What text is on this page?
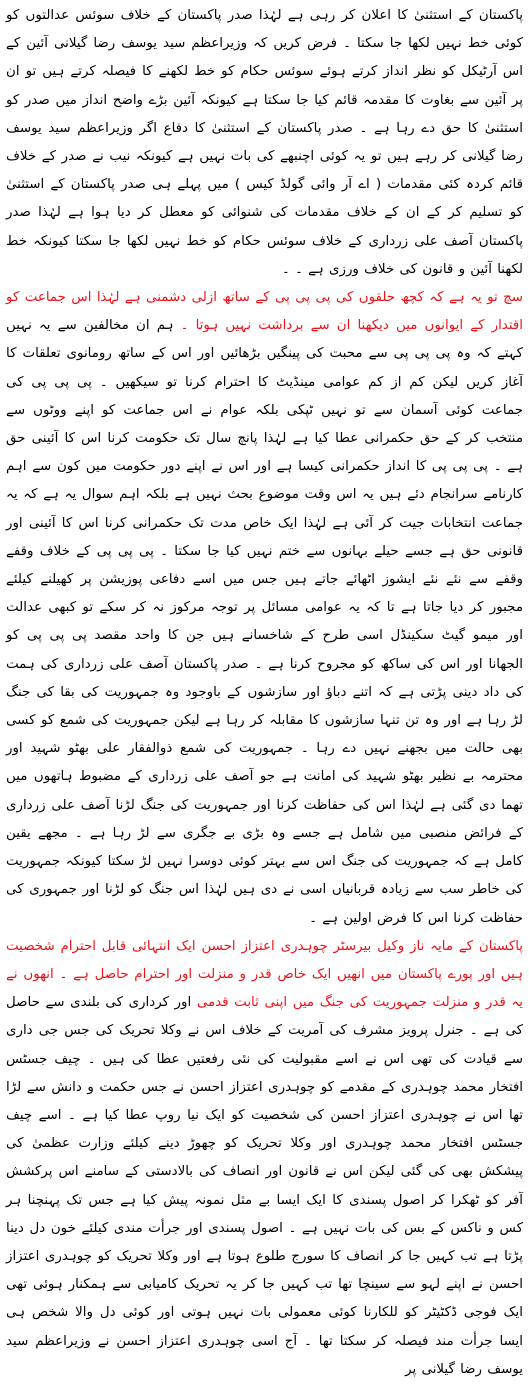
پاکستان کے استثنیٰ کا اعلان کر رہی ہے لہٰذا صدر پاکستان کے خلاف سوئس عدالتوں کو کوئی خط نہیں لکھا جا سکتا ۔ فرض کریں کہ وزیراعظم سید یوسف رضا گیلانی آئین کے اس آرٹیکل کو نظر انداز کرتے ہوئے سوئس حکام کو خط لکھنے کا فیصلہ کرتے ہیں تو ان پر آئین سے بغاوت کا مقدمہ قائم کیا جا سکتا ہے کیونکہ آئین بڑے واضح انداز میں صدر کو استثنیٰ کا حق دے رہا ہے ۔ صدر پاکستان کے استثنیٰ کا دفاع اگر وزیراعظم سید یوسف رضا گیلانی کر رہے ہیں تو یہ کوئی اچنبھے کی بات نہیں ہے کیونکہ نیب نے صدر کے خلاف قائم کردہ کئی مقدمات ( اے آر وائی گولڈ کیس ) میں پہلے ہی صدر پاکستان کے استثنیٰ کو تسلیم کر کے ان کے خلاف مقدمات کی شنوائی کو معطل کر دیا ہوا ہے لہٰذا صدر پاکستان آصف علی زرداری کے خلاف سوئس حکام کو خط نہیں لکھا جا سکتا کیونکہ خط لکھنا آئین و قانون کی خلاف ورزی ہے ۔ ۔

سچ تو یہ ہے کہ کچھ حلقوں کی پی پی پی کے ساتھ ازلی دشمنی ہے لہٰذا اس جماعت کو اقتدار کے ایوانوں میں دیکھنا ان سے برداشت نہیں ہوتا ۔ ہم ان مخالفین سے یہ نہیں کہتے کہ وہ پی پی پی سے محبت کی پینگیں بڑھائیں اور اس کے ساتھ رومانوی تعلقات کا آغاز کریں لیکن کم از کم عوامی مینڈیٹ کا احترام کرنا تو سیکھیں ۔ پی پی پی کی جماعت کوئی آسمان سے تو نہیں ٹپکی بلکہ عوام نے اس جماعت کو اپنے ووٹوں سے منتخب کر کے حق حکمرانی عطا کیا ہے لہٰذا پانچ سال تک حکومت کرنا اس کا آئینی حق ہے ۔ پی پی پی کا انداز حکمرانی کیسا ہے اور اس نے اپنے دور حکومت میں کون سے اہم کارنامے سرانجام دئے ہیں یہ اس وقت موضوع بحث نہیں ہے بلکہ اہم سوال یہ ہے کہ یہ جماعت انتخابات جیت کر آئی ہے لہٰذا ایک خاص مدت تک حکمرانی کرنا اس کا آئینی اور قانونی حق ہے جسے حیلے بہانوں سے ختم نہیں کیا جا سکتا ۔ پی پی پی کے خلاف وقفے وقفے سے نئے نئے ایشوز اٹھائے جاتے ہیں جس میں اسے دفاعی پوزیشن پر کھیلنے کیلئے مجبور کر دیا جاتا ہے تا کہ یہ عوامی مسائل پر توجہ مرکوز نہ کر سکے تو کبھی عدالت اور میمو گیٹ سکینڈل اسی طرح کے شاخسانے ہیں جن کا واحد مقصد پی پی پی کو الجھانا اور اس کی ساکھ کو مجروح کرنا ہے ۔ صدر پاکستان آصف علی زرداری کی ہمت کی داد دینی پڑتی ہے کہ اتنے دباؤ اور سازشوں کے باوجود وہ جمہوریت کی بقا کی جنگ لڑ رہا ہے اور وہ تن تنہا سازشوں کا مقابلہ کر رہا ہے لیکن جمہوریت کی شمع کو کسی بھی حالت میں بجھنے نہیں دے رہا ۔ جمہوریت کی شمع ذوالفقار علی بھٹو شہید اور محترمہ بے نظیر بھٹو شہید کی امانت ہے جو آصف علی زرداری کے مضبوط ہاتھوں میں تھما دی گئی ہے لہٰذا اس کی حفاظت کرنا اور جمہوریت کی جنگ لڑنا آصف علی زرداری کے فرائض منصبی میں شامل ہے جسے وہ بڑی بے جگری سے لڑ رہا ہے ۔ مجھے یقین کامل ہے کہ جمہوریت کی جنگ اس سے بہتر کوئی دوسرا نہیں لڑ سکتا کیونکہ جمہوریت کی خاطر سب سے زیادہ قربانیاں اسی نے دی ہیں لہٰذا اس جنگ کو لڑنا اور جمہوری کی حفاظت کرنا اس کا فرض اولین ہے ۔

پاکستان کے مایہ ناز وکیل بیرسٹر چوہدری اعتزاز احسن ایک انتہائی قابل احترام شخصیت ہیں اور پورے پاکستان میں انھیں ایک خاص قدر و منزلت اور احترام حاصل ہے ۔ انھوں نے یہ قدر و منزلت جمہوریت کی جنگ میں اپنی ثابت قدمی اور کرداری کی بلندی سے حاصل کی ہے ۔ جنرل پرویز مشرف کی آمریت کے خلاف اس نے وکلا تحریک کی جس جی داری سے قیادت کی تھی اس نے اسے مقبولیت کی نئی رفعتیں عطا کی ہیں ۔ چیف جسٹس افتخار محمد چوہدری کے مقدمے کو چوہدری اعتزاز احسن نے جس حکمت و دانش سے لڑا تھا اس نے چوہدری اعتزاز احسن کی شخصیت کو ایک نیا روپ عطا کیا ہے ۔ اسے چیف جسٹس افتخار محمد چوہدری اور وکلا تحریک کو چھوڑ دینے کیلئے وزارت عظمیٰ کی پیشکش بھی کی گئی لیکن اس نے قانون اور انصاف کی بالادستی کے سامنے اس پرکشش آفر کو ٹھکرا کر اصول پسندی کا ایک ایسا بے مثل نمونہ پیش کیا ہے جس تک پہنچنا ہر کس و ناکس کے بس کی بات نہیں ہے ۔ اصول پسندی اور جرأت مندی کیلئے خون دل دینا پڑتا ہے تب کہیں جا کر انصاف کا سورج طلوع ہوتا ہے اور وکلا تحریک کو چوہدری اعتزاز احسن نے اپنے لہو سے سینچا تھا تب کہیں جا کر یہ تحریک کامیابی سے ہمکنار ہوئی تھی ایک فوجی ڈکٹیٹر کو للکارنا کوئی معمولی بات نہیں ہوتی اور کوئی دل والا شخص ہی ایسا جرأت مند فیصلہ کر سکتا تھا ۔ آج اسی چوہدری اعتزاز احسن نے وزیراعظم سید یوسف رضا گیلانی پر
